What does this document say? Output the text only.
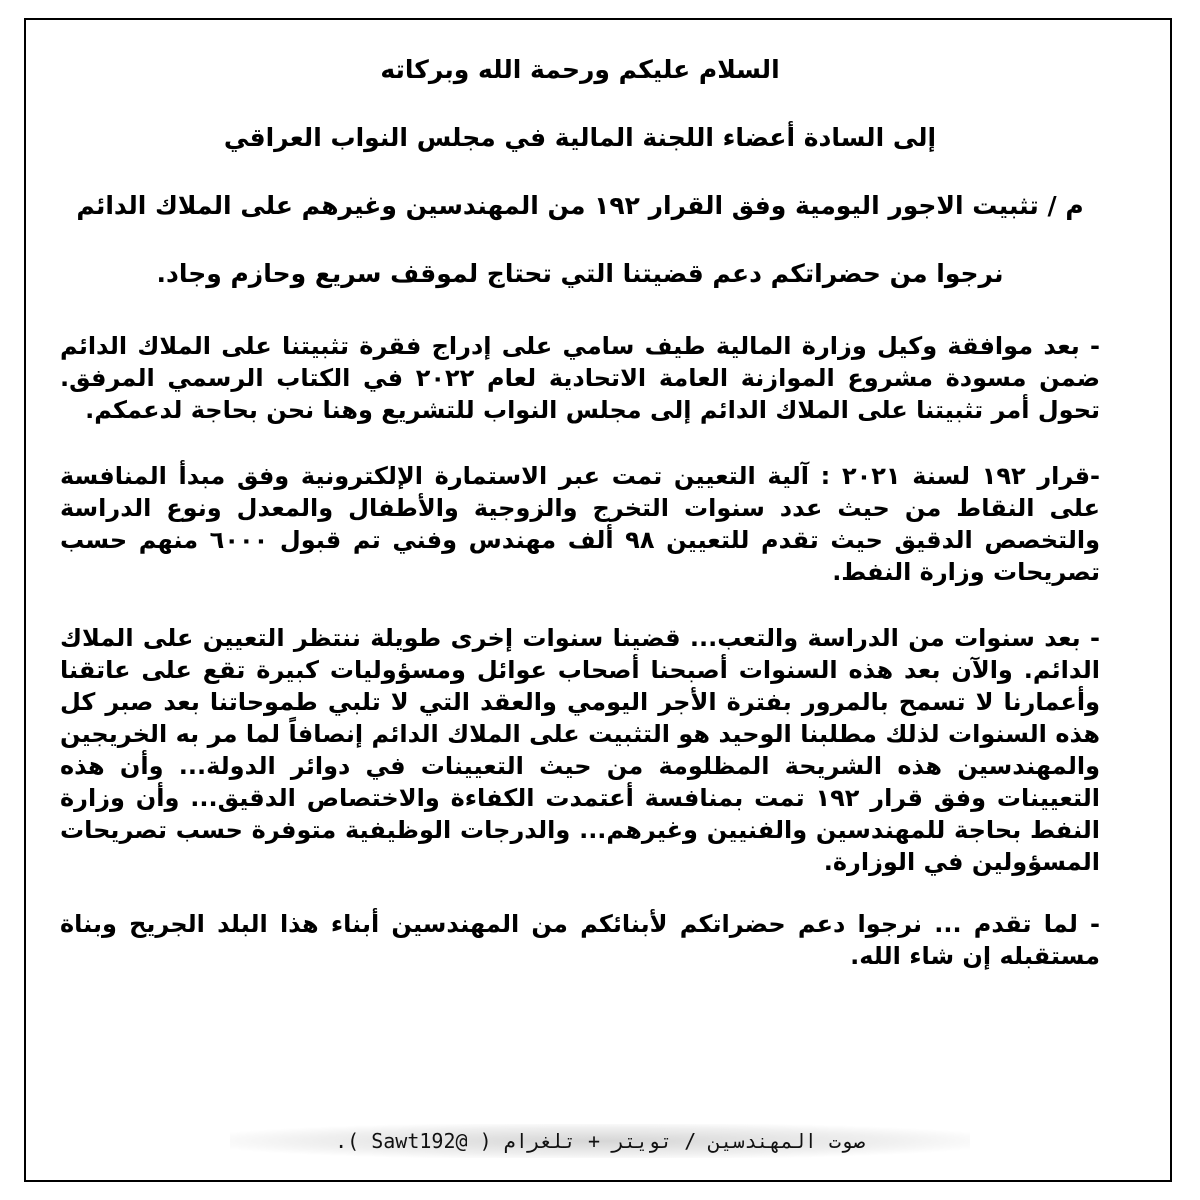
السلام عليكم ورحمة الله وبركاته

إلى السادة أعضاء اللجنة المالية في مجلس النواب العراقي

م / تثبيت الاجور اليومية وفق القرار ١٩٢ من المهندسين وغيرهم على الملاك الدائم

نرجوا من حضراتكم دعم قضيتنا التي تحتاج لموقف سريع وحازم وجاد.

- بعد موافقة وكيل وزارة المالية طيف سامي على إدراج فقرة تثبيتنا على الملاك الدائم ضمن مسودة مشروع الموازنة العامة الاتحادية لعام ٢٠٢٢ في الكتاب الرسمي المرفق. تحول أمر تثبيتنا على الملاك الدائم إلى مجلس النواب للتشريع وهنا نحن بحاجة لدعمكم.

-قرار ١٩٢ لسنة ٢٠٢١ : آلية التعيين تمت عبر الاستمارة الإلكترونية وفق مبدأ المنافسة على النقاط من حيث عدد سنوات التخرج والزوجية والأطفال والمعدل ونوع الدراسة والتخصص الدقيق حيث تقدم للتعيين ٩٨ ألف مهندس وفني تم قبول ٦٠٠٠ منهم حسب تصريحات وزارة النفط.

- بعد سنوات من الدراسة والتعب... قضينا سنوات إخرى طويلة ننتظر التعيين على الملاك الدائم. والآن بعد هذه السنوات أصبحنا أصحاب عوائل ومسؤوليات كبيرة تقع على عاتقنا وأعمارنا لا تسمح بالمرور بفترة الأجر اليومي والعقد التي لا تلبي طموحاتنا بعد صبر كل هذه السنوات لذلك مطلبنا الوحيد هو التثبيت على الملاك الدائم إنصافاً لما مر به الخريجين والمهندسين هذه الشريحة المظلومة من حيث التعيينات في دوائر الدولة... وأن هذه التعيينات وفق قرار ١٩٢ تمت بمنافسة أعتمدت الكفاءة والاختصاص الدقيق... وأن وزارة النفط بحاجة للمهندسين والفنيين وغيرهم... والدرجات الوظيفية متوفرة حسب تصريحات المسؤولين في الوزارة.

- لما تقدم ... نرجوا دعم حضراتكم لأبنائكم من المهندسين أبناء هذا البلد الجريح وبناة مستقبله إن شاء الله.

صوت المهندسين / تويتر + تلغرام ( @Sawt192 ).
